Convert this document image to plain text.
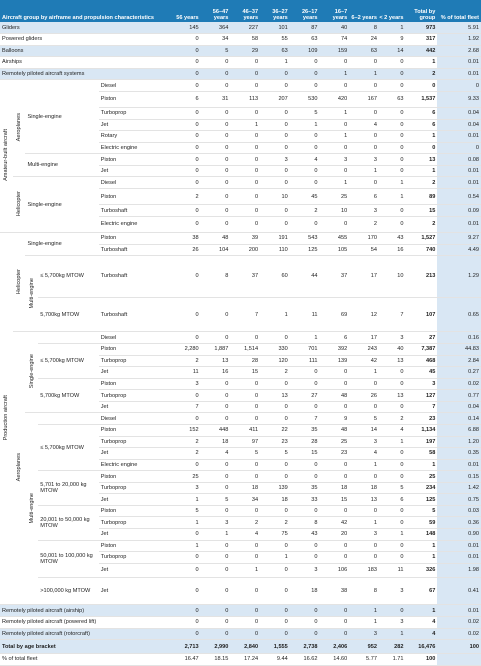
Aircraft group by airframe and propulsion characteristics					56 years	56–47 years	46–37 years	36–27 years	26–17 years	16–7 years	6–2 years	< 2 years	Total by group	% of total fleet
Gliders					145	364	227	101	87	40	8	1	973	5.91
Powered gliders					0	34	58	55	63	74	24	9	317	1.92
Balloons					0	5	29	63	109	159	63	14	442	2.68
Airships					0	0	0	1	0	0	0	0	1	0.01
Remotely piloted aircraft systems					0	0	0	0	0	1	1	0	2	0.01
Amateur-built aircraft	Aeroplanes	Single-engine		Diesel	0	0	0	0	0	0	0	0	0	0
				Piston	6	31	113	207	530	420	167	63	1,537	9.33
				Turboprop	0	0	0	0	5	1	0	0	6	0.04
				Jet	0	0	1	0	1	0	4	0	6	0.04
				Rotary	0	0	0	0	0	1	0	0	1	0.01
				Electric engine	0	0	0	0	0	0	0	0	0	0
		Multi-engine		Piston	0	0	0	3	4	3	3	0	13	0.08
				Jet	0	0	0	0	0	0	1	0	1	0.01
	Helicopter	Single-engine		Diesel	0	0	0	0	0	1	0	1	2	0.01
				Piston	2	0	0	10	45	25	6	1	89	0.54
				Turboshaft	0	0	0	0	2	10	3	0	15	0.09
				Electric engine	0	0	0	0	0	0	2	0	2	0.01
Production aircraft	Helicopter	Single-engine		Piston	38	48	39	191	543	455	170	43	1,527	9.27
				Turboshaft	26	104	200	110	125	105	54	16	740	4.49
		Multi-engine	≤ 5,700kg MTOW	Turboshaft	0	8	37	60	44	37	17	10	213	1.29
			5,700kg MTOW	Turboshaft	0	0	7	1	11	69	12	7	107	0.65
	Aeroplanes	Single-engine		Diesel	0	0	0	0	1	6	17	3	27	0.16
			≤ 5,700kg MTOW	Piston	2,280	1,887	1,514	330	701	392	243	40	7,387	44.83
				Turboprop	2	13	28	120	111	139	42	13	468	2.84
				Jet	11	16	15	2	0	0	1	0	45	0.27
			5,700kg MTOW	Piston	3	0	0	0	0	0	0	0	3	0.02
				Turboprop	0	0	0	13	27	48	26	13	127	0.77
				Jet	7	0	0	0	0	0	0	0	7	0.04
		Multi-engine		Diesel	0	0	0	0	7	9	5	2	23	0.14
			≤ 5,700kg MTOW	Piston	152	448	411	22	35	48	14	4	1,134	6.88
				Turboprop	2	18	97	23	28	25	3	1	197	1.20
				Jet	2	4	5	5	15	23	4	0	58	0.35
				Electric engine	0	0	0	0	0	0	1	0	1	0.01
			5,701 to 20,000 kg MTOW	Piston	25	0	0	0	0	0	0	0	25	0.15
				Turboprop	3	0	18	139	35	18	18	5	234	1.42
				Jet	1	5	34	18	33	15	13	6	125	0.75
			20,001 to 50,000 kg MTOW	Piston	5	0	0	0	0	0	0	0	5	0.03
				Turboprop	1	3	2	2	8	42	1	0	59	0.36
				Jet	0	1	4	75	43	20	3	1	148	0.90
			50,001 to 100,000 kg MTOW	Piston	1	0	0	0	0	0	0	0	1	0.01
				Turboprop	0	0	0	1	0	0	0	0	1	0.01
				Jet	0	0	1	0	3	106	183	11	326	1.98
			>100,000 kg MTOW	Jet	0	0	0	0	18	38	8	3	67	0.41
Remotely piloted aircraft (airship)					0	0	0	0	0	0	1	0	1	0.01
Remotely piloted aircraft (powered lift)					0	0	0	0	0	0	1	3	4	0.02
Remotely piloted aircraft (rotorcraft)					0	0	0	0	0	0	3	1	4	0.02
Total by age bracket					2,713	2,990	2,840	1,555	2,738	2,406	952	282	16,476	100
% of total fleet					16.47	18.15	17.24	9.44	16.62	14.60	5.77	1.71	100	
